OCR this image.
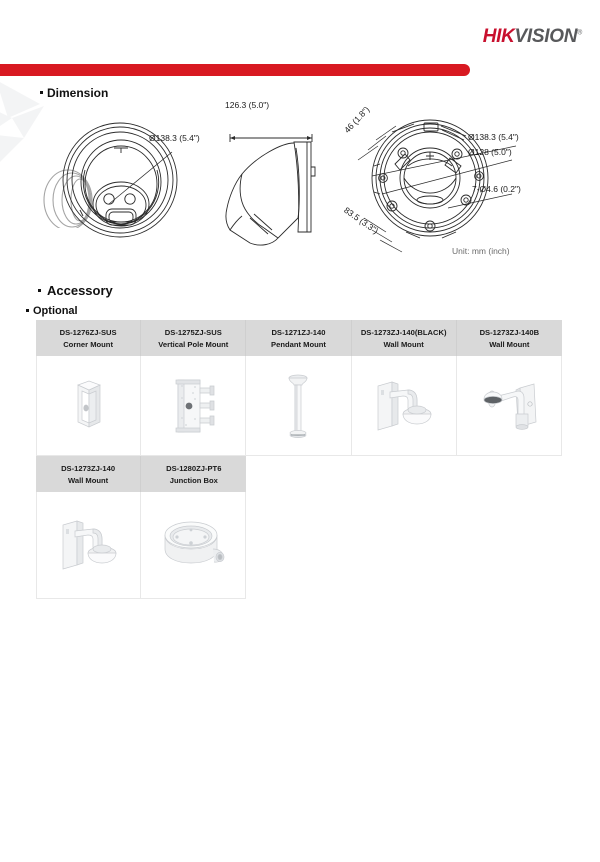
HIKVISION®
Dimension
Ø138.3 (5.4")
126.3 (5.0")
Ø138.3 (5.4")
Ø128 (5.0")
7-Ø4.6 (0.2")
46 (1.8")
83.5 (3.3")
Unit: mm (inch)
Accessory
Optional
DS-1276ZJ-SUS
Corner Mount
DS-1275ZJ-SUS
Vertical Pole Mount
DS-1271ZJ-140
Pendant Mount
DS-1273ZJ-140(BLACK)
Wall Mount
DS-1273ZJ-140B
Wall Mount
DS-1273ZJ-140
Wall Mount
DS-1280ZJ-PT6
Junction Box
